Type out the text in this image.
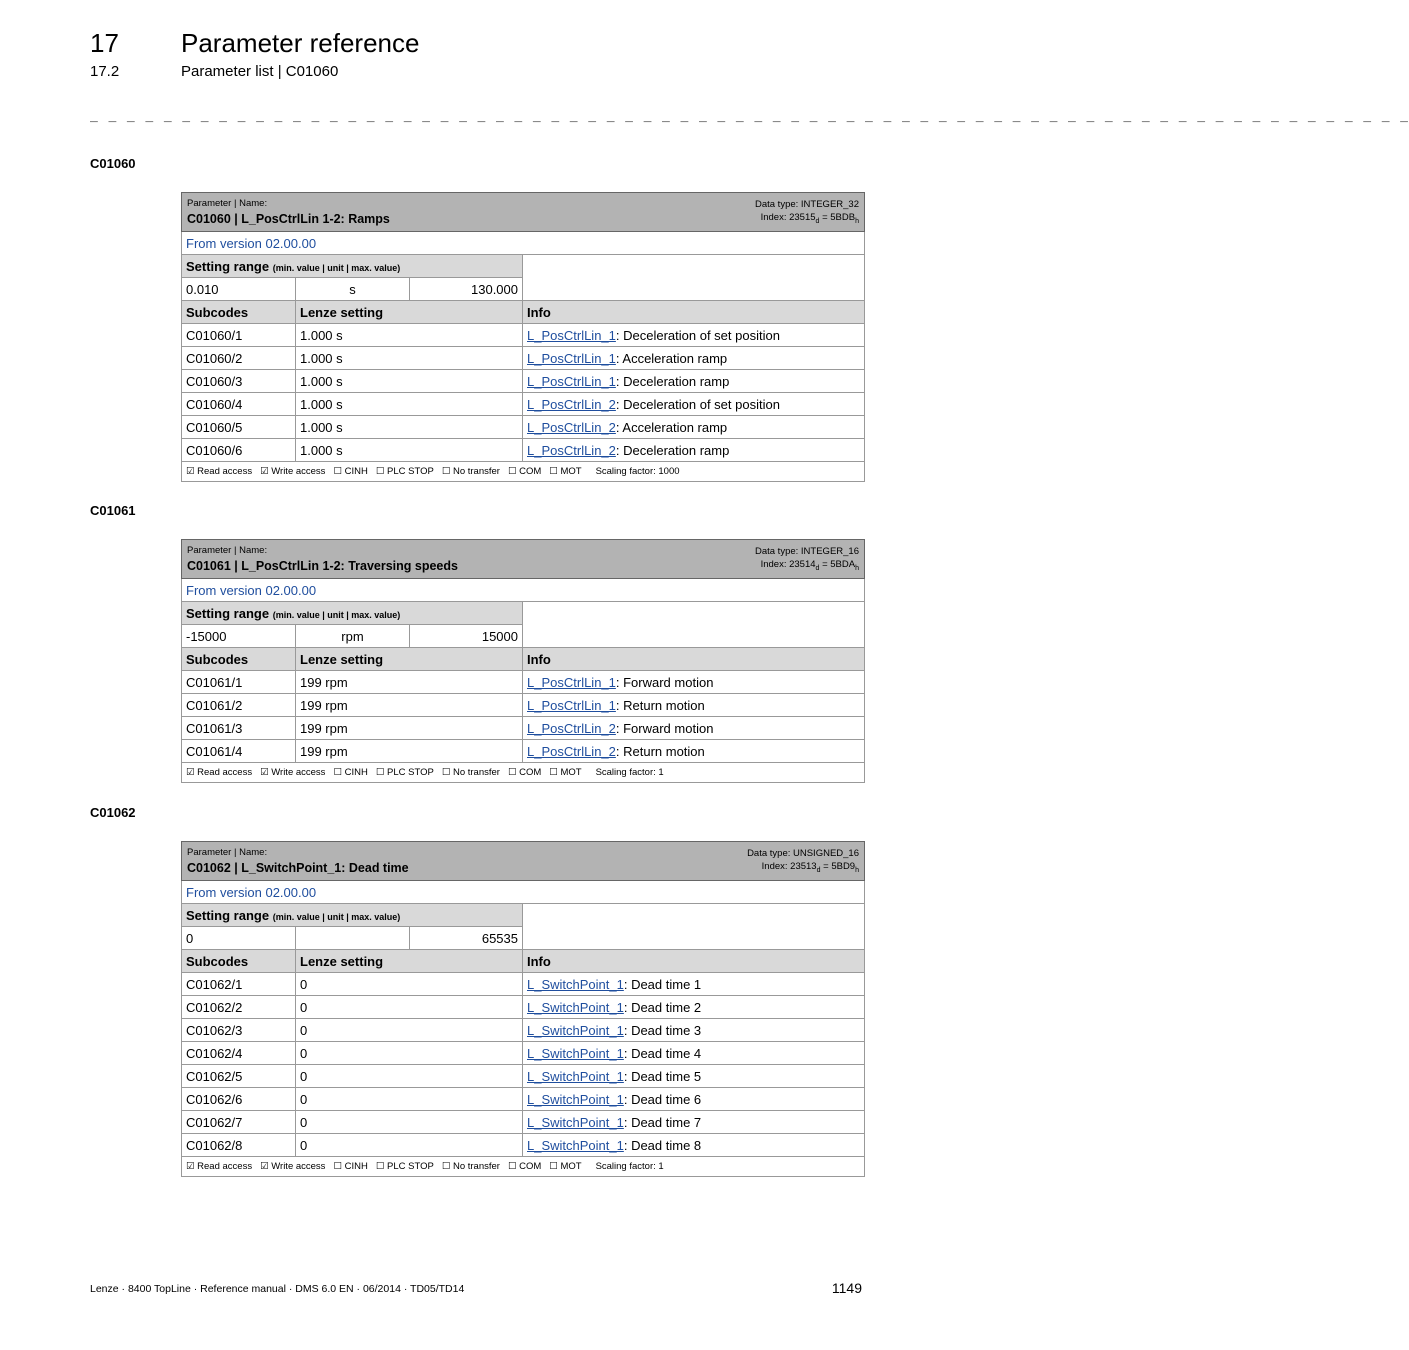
17 Parameter reference
17.2	Parameter list | C01060
_ _ _ _ _ _ _ _ _ _ _ _ _ _ _ _ _ _ _ _ _ _ _ _ _ _ _ _ _ _ _ _ _ _ _ _ _ _ _ _ _ _ _ _ _ _ _ _ _ _ _ _ _ _ _ _ _ _ _ _ _ _ _ _ _ _ _ _ _ _ _ _
C01060
Parameter | Name:
C01060 | L_PosCtrlLin 1-2: Ramps
Data type: INTEGER_32
Index: $23515_d = 5BDB_h$

From version 02.00.00			
Setting range (min. value | unit | max. value)			
0.010	s	130.000	
Subcodes	Lenze setting		Info
C01060/1	1.000 s		L_PosCtrlLin_1: Deceleration of set position
C01060/2	1.000 s		L_PosCtrlLin_1: Acceleration ramp
C01060/3	1.000 s		L_PosCtrlLin_1: Deceleration ramp
C01060/4	1.000 s		L_PosCtrlLin_2: Deceleration of set position
C01060/5	1.000 s		L_PosCtrlLin_2: Acceleration ramp
C01060/6	1.000 s		L_PosCtrlLin_2: Deceleration ramp
☑ Read access ☑ Write access ☐ CINH ☐ PLC STOP ☐ No transfer ☐ COM ☐ MOT Scaling factor: 1000			
C01061
Parameter | Name:
C01061 | L_PosCtrlLin 1-2: Traversing speeds
Data type: INTEGER_16
Index: $23514_d = 5BDA_h$

From version 02.00.00			
Setting range (min. value | unit | max. value)			
-15000	rpm	15000	
Subcodes	Lenze setting		Info
C01061/1	199 rpm		L_PosCtrlLin_1: Forward motion
C01061/2	199 rpm		L_PosCtrlLin_1: Return motion
C01061/3	199 rpm		L_PosCtrlLin_2: Forward motion
C01061/4	199 rpm		L_PosCtrlLin_2: Return motion
☑ Read access ☑ Write access ☐ CINH ☐ PLC STOP ☐ No transfer ☐ COM ☐ MOT Scaling factor: 1			
C01062
Parameter | Name:
C01062 | L_SwitchPoint_1: Dead time
Data type: UNSIGNED_16
Index: $23513_d = 5BD9_h$

From version 02.00.00			
Setting range (min. value | unit | max. value)			
0		65535	
Subcodes	Lenze setting		Info
C01062/1	0		L_SwitchPoint_1: Dead time 1
C01062/2	0		L_SwitchPoint_1: Dead time 2
C01062/3	0		L_SwitchPoint_1: Dead time 3
C01062/4	0		L_SwitchPoint_1: Dead time 4
C01062/5	0		L_SwitchPoint_1: Dead time 5
C01062/6	0		L_SwitchPoint_1: Dead time 6
C01062/7	0		L_SwitchPoint_1: Dead time 7
C01062/8	0		L_SwitchPoint_1: Dead time 8
☑ Read access ☑ Write access ☐ CINH ☐ PLC STOP ☐ No transfer ☐ COM ☐ MOT Scaling factor: 1			
Lenze · 8400 TopLine · Reference manual · DMS 6.0 EN · 06/2014 · TD05/TD14	1149
